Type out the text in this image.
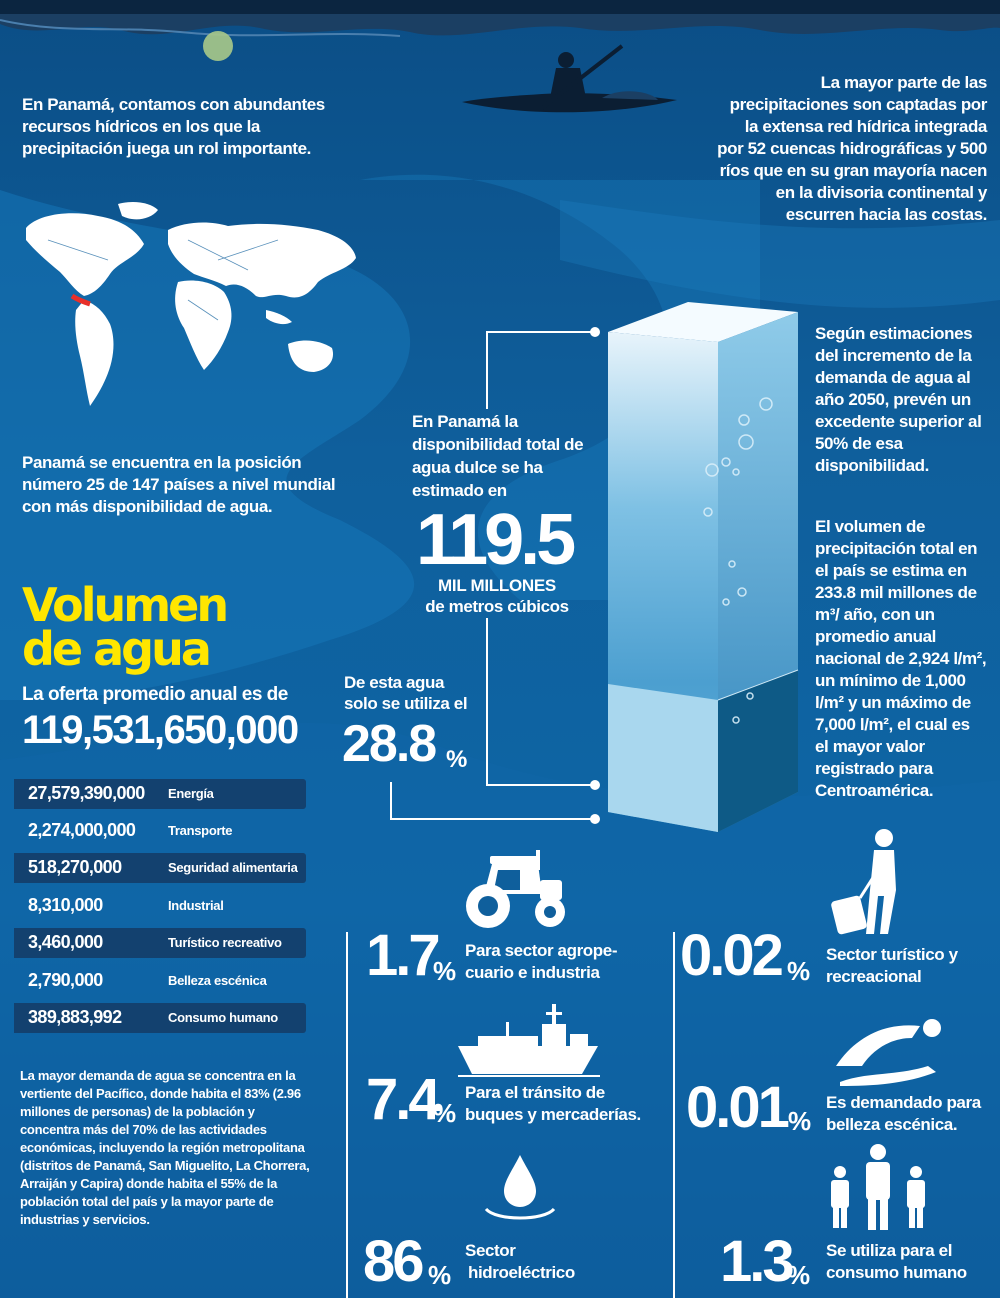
En Panamá, contamos con abundantes recursos hídricos en los que la precipitación juega un rol importante.
La mayor parte de las precipitaciones son captadas por la extensa red hídrica integrada por 52 cuencas hidrográficas y 500 ríos que en su gran mayoría nacen en la divisoria continental y escurren hacia las costas.
Panamá se encuentra en la posición número 25 de 147 países a nivel mundial con más disponibilidad de agua.
Volumen
de agua
La oferta promedio anual es de
119,531,650,000
27,579,390,000 Energía
2,274,000,000	Transporte
518,270,000	Seguridad alimentaria
8,310,000	Industrial
3,460,000	Turístico recreativo
2,790,000	Belleza escénica
389,883,992	Consumo humano
La mayor demanda de agua se concentra en la vertiente del Pacífico, donde habita el 83% (2.96 millones de personas) de la población y concentra más del 70% de las actividades económicas, incluyendo la región metropolitana (distritos de Panamá, San Miguelito, La Chorrera, Arraiján y Capira) donde habita el 55% de la población total del país y la mayor parte de industrias y servicios.
En Panamá la disponibilidad total de agua dulce se ha estimado en
119.5
MIL MILLONES
de metros cúbicos
De esta agua solo se utiliza el
28.8 %
Según estimaciones del incremento de la demanda de agua al año 2050, prevén un excedente superior al 50% de esa disponibilidad.
El volumen de precipitación total en el país se estima en 233.8 mil millones de m³/ año, con un promedio anual nacional de 2,924 l/m², un mínimo de 1,000 l/m² y un máximo de 7,000 l/m², el cual es el mayor valor registrado para Centroamérica.
1.7
%
Para sector agrope-
cuario e industria
7.4
%
Para el tránsito de
buques y mercaderías.
86 %
Sector
hidroeléctrico
0.02 %
Sector turístico y
recreacional
0.01 %
Es demandado para
belleza escénica.
1.3
%
Se utiliza para el
consumo humano
